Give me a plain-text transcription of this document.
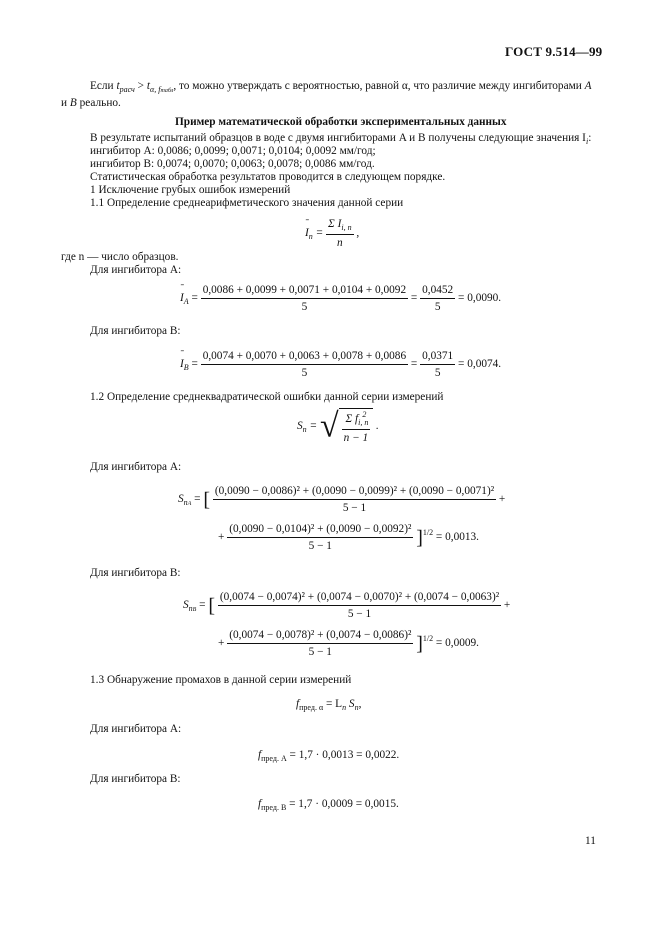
ГОСТ 9.514—99
Если $t_{расч} > t_{\alpha, fтабл}$, то можно утверждать с вероятностью, равной α, что различие между ингибиторами A
и B реально.
Пример математической обработки экспериментальных данных
В результате испытаний образцов в воде с двумя ингибиторами A и B получены следующие значения $I_i$:
ингибитор A: 0,0086; 0,0099; 0,0071; 0,0104; 0,0092 мм/год;
ингибитор B: 0,0074; 0,0070; 0,0063; 0,0078; 0,0086 мм/год.
Статистическая обработка результатов проводится в следующем порядке.
1 Исключение грубых ошибок измерений
1.1 Определение среднеарифметического значения данной серии
ˉ $I_n = \frac{\Sigma I_{i, n}}{n}$ ,
где n — число образцов.
Для ингибитора A:
ˉ $I_A = \frac{0,0086 + 0,0099 + 0,0071 + 0,0104 + 0,0092}{5} = \frac{0,0452}{5} = 0,0090$.
Для ингибитора B:
ˉ $I_B = \frac{0,0074 + 0,0070 + 0,0063 + 0,0078 + 0,0086}{5} = \frac{0,0371}{5} = 0,0074$.
1.2 Определение среднеквадратической ошибки данной серии измерений
$S_n$ = √ $\frac{\Sigma f_{i, n}^2}{n - 1}$ .
Для ингибитора A:
$S_{nA}$ = [ $\frac{\text{(0,0090 − 0,0086)² + (0,0090 − 0,0099)² + (0,0090 − 0,0071)²}}{5 - 1}$ +
+ $\frac{\text{(0,0090 − 0,0104)² + (0,0090 − 0,0092)²}}{5 - 1} ]^{1/2} = 0,0013$.
Для ингибитора B:
$S_{nB}$ = [ $\frac{\text{(0,0074 − 0,0074)² + (0,0074 − 0,0070)² + (0,0074 − 0,0063)²}}{5 - 1}$ +
+ $\frac{\text{(0,0074 − 0,0078)² + (0,0074 − 0,0086)²}}{5 - 1} ]^{1/2} = 0,0009$.
1.3 Обнаружение промахов в данной серии измерений
$f_{пред. \alpha} = L_n$ $S_n$,
Для ингибитора A:
$f_{пред. A} = 1,7 \cdot 0,0013 = 0,0022$.
Для ингибитора B:
$f_{пред. B} = 1,7 \cdot 0,0009 = 0,0015$.
11
